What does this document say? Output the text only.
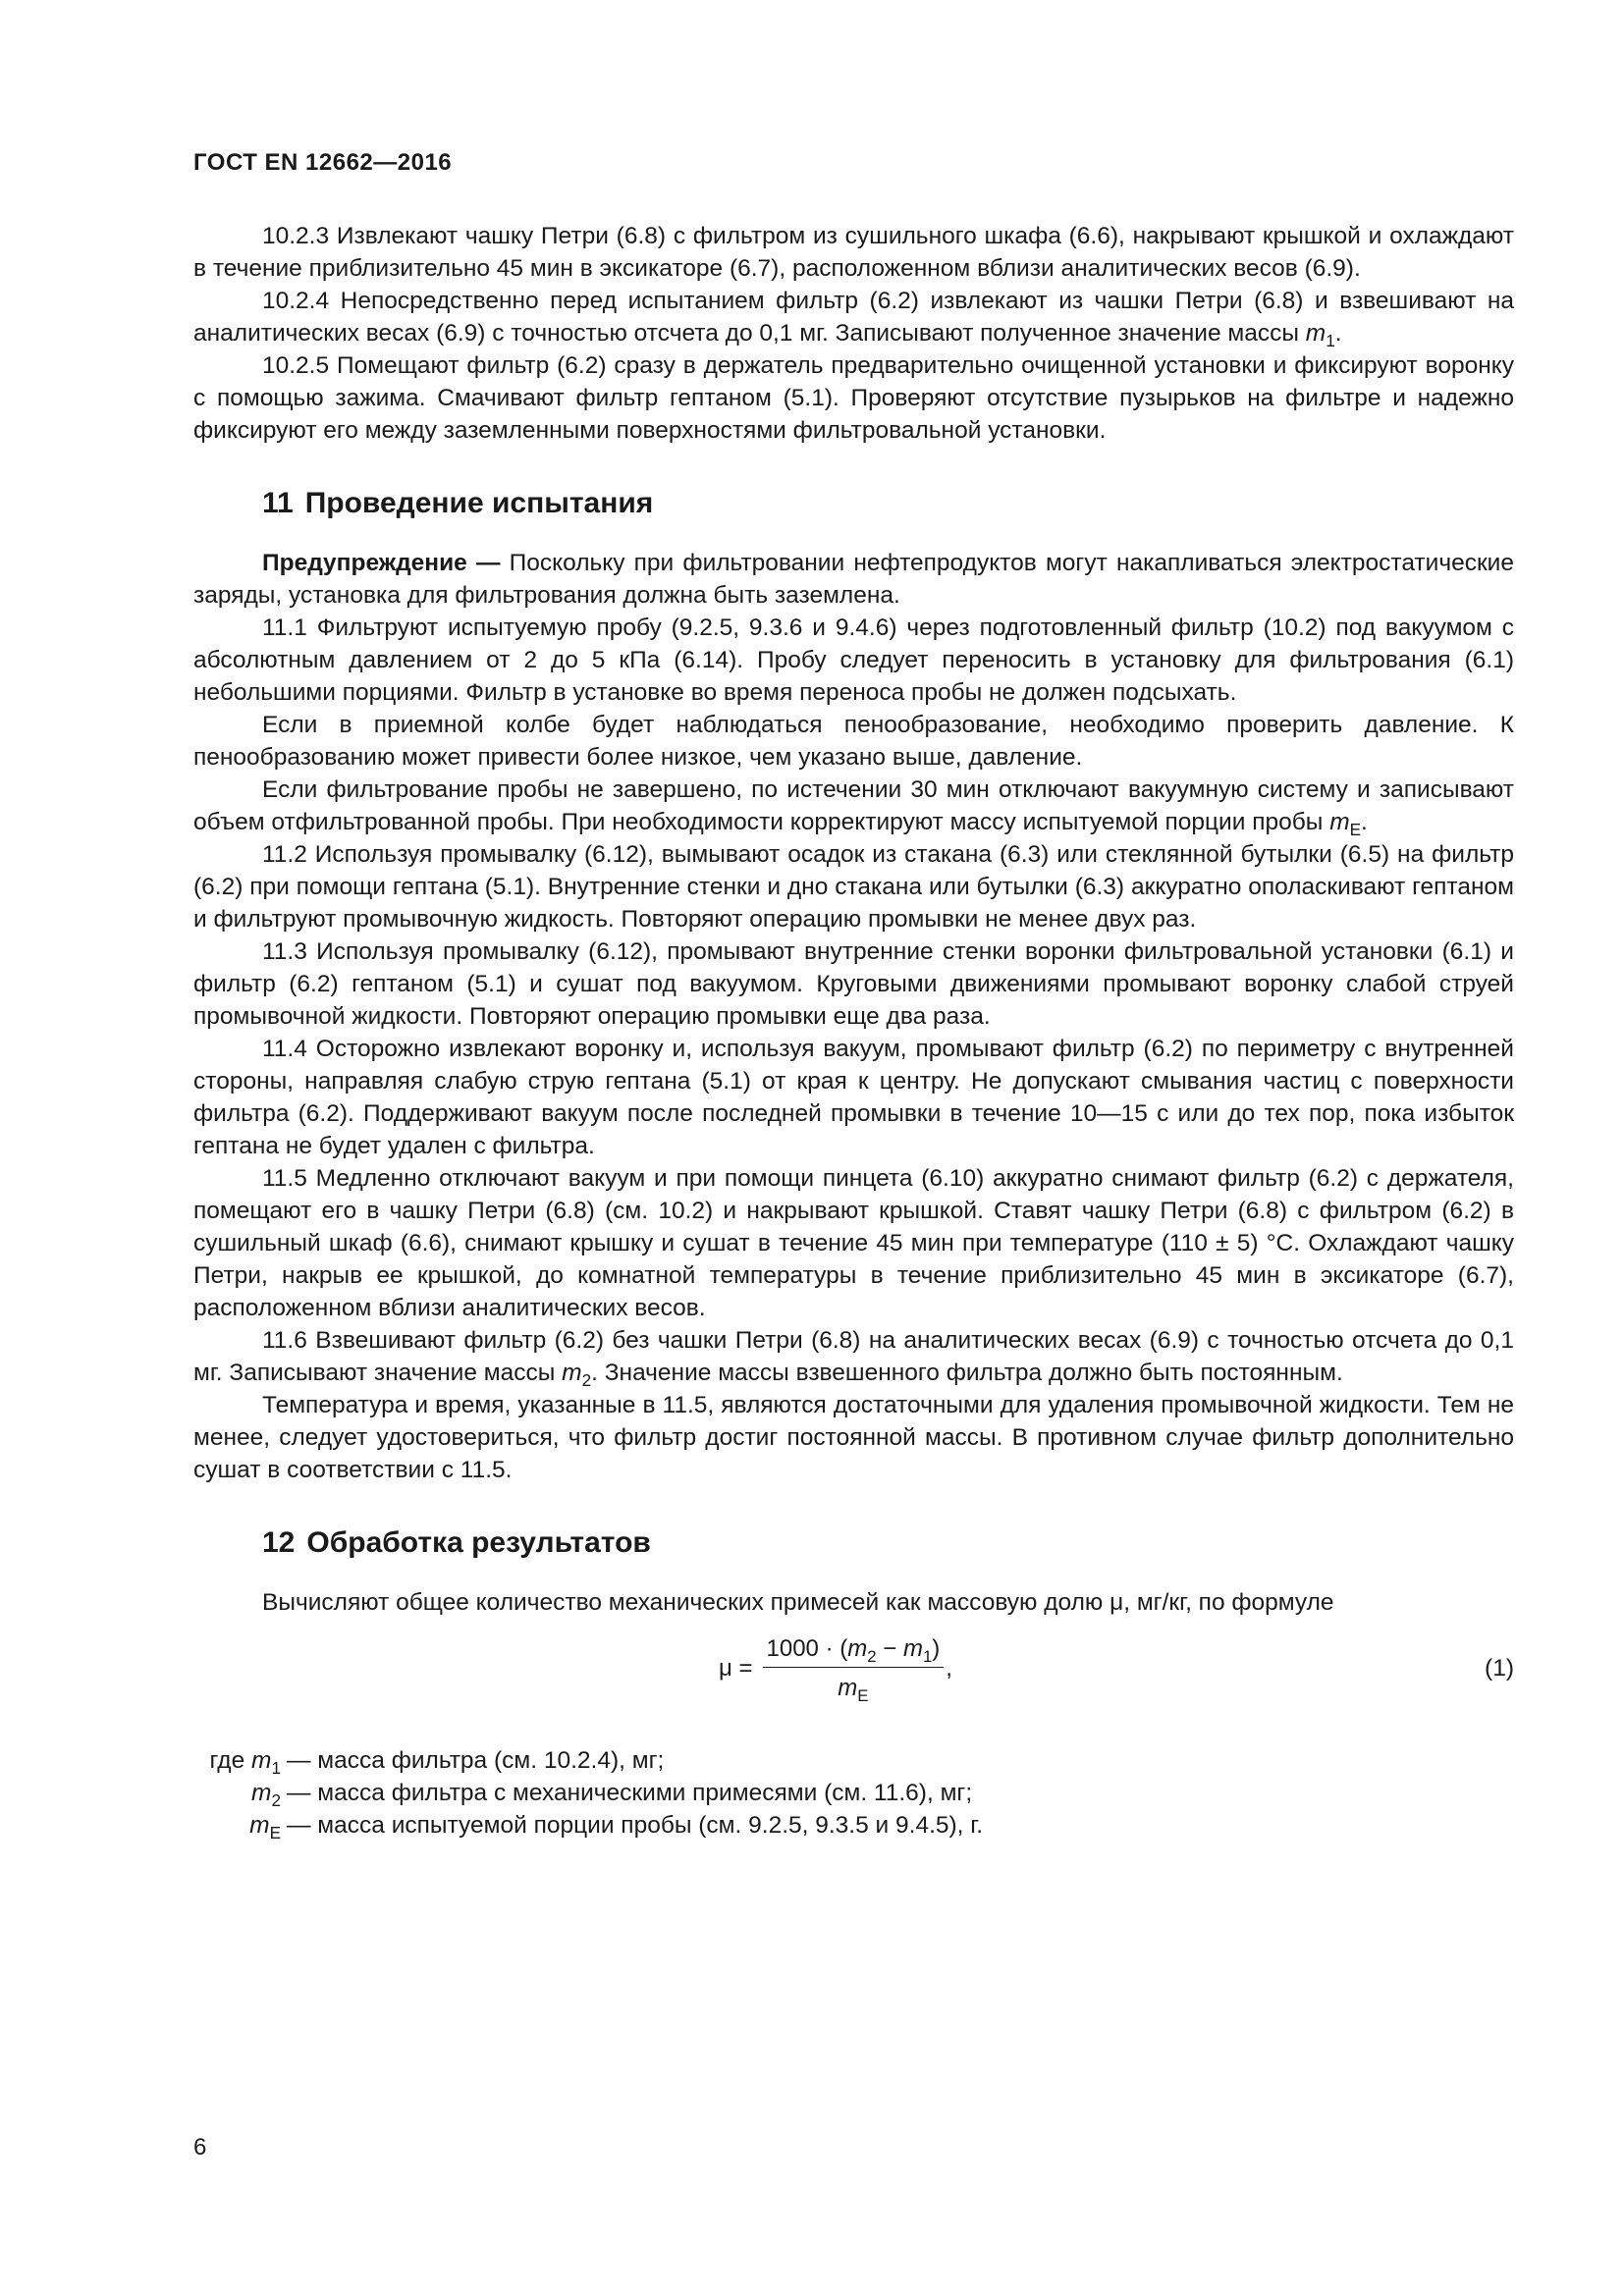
ГОСТ EN 12662—2016

10.2.3 Извлекают чашку Петри (6.8) с фильтром из сушильного шкафа (6.6), накрывают крышкой и охлаждают в течение приблизительно 45 мин в эксикаторе (6.7), расположенном вблизи аналитических весов (6.9).

10.2.4 Непосредственно перед испытанием фильтр (6.2) извлекают из чашки Петри (6.8) и взвешивают на аналитических весах (6.9) с точностью отсчета до 0,1 мг. Записывают полученное значение массы $m_1$.

10.2.5 Помещают фильтр (6.2) сразу в держатель предварительно очищенной установки и фиксируют воронку с помощью зажима. Смачивают фильтр гептаном (5.1). Проверяют отсутствие пузырьков на фильтре и надежно фиксируют его между заземленными поверхностями фильтровальной установки.

11 Проведение испытания

Предупреждение — Поскольку при фильтровании нефтепродуктов могут накапливаться электростатические заряды, установка для фильтрования должна быть заземлена.

11.1 Фильтруют испытуемую пробу (9.2.5, 9.3.6 и 9.4.6) через подготовленный фильтр (10.2) под вакуумом с абсолютным давлением от 2 до 5 кПа (6.14). Пробу следует переносить в установку для фильтрования (6.1) небольшими порциями. Фильтр в установке во время переноса пробы не должен подсыхать.

Если в приемной колбе будет наблюдаться пенообразование, необходимо проверить давление. К пенообразованию может привести более низкое, чем указано выше, давление.

Если фильтрование пробы не завершено, по истечении 30 мин отключают вакуумную систему и записывают объем отфильтрованной пробы. При необходимости корректируют массу испытуемой порции пробы $m_E$.

11.2 Используя промывалку (6.12), вымывают осадок из стакана (6.3) или стеклянной бутылки (6.5) на фильтр (6.2) при помощи гептана (5.1). Внутренние стенки и дно стакана или бутылки (6.3) аккуратно ополаскивают гептаном и фильтруют промывочную жидкость. Повторяют операцию промывки не менее двух раз.

11.3 Используя промывалку (6.12), промывают внутренние стенки воронки фильтровальной установки (6.1) и фильтр (6.2) гептаном (5.1) и сушат под вакуумом. Круговыми движениями промывают воронку слабой струей промывочной жидкости. Повторяют операцию промывки еще два раза.

11.4 Осторожно извлекают воронку и, используя вакуум, промывают фильтр (6.2) по периметру с внутренней стороны, направляя слабую струю гептана (5.1) от края к центру. Не допускают смывания частиц с поверхности фильтра (6.2). Поддерживают вакуум после последней промывки в течение 10—15 с или до тех пор, пока избыток гептана не будет удален с фильтра.

11.5 Медленно отключают вакуум и при помощи пинцета (6.10) аккуратно снимают фильтр (6.2) с держателя, помещают его в чашку Петри (6.8) (см. 10.2) и накрывают крышкой. Ставят чашку Петри (6.8) с фильтром (6.2) в сушильный шкаф (6.6), снимают крышку и сушат в течение 45 мин при температуре (110 ± 5) °С. Охлаждают чашку Петри, накрыв ее крышкой, до комнатной температуры в течение приблизительно 45 мин в эксикаторе (6.7), расположенном вблизи аналитических весов.

11.6 Взвешивают фильтр (6.2) без чашки Петри (6.8) на аналитических весах (6.9) с точностью отсчета до 0,1 мг. Записывают значение массы $m_2$. Значение массы взвешенного фильтра должно быть постоянным.

Температура и время, указанные в 11.5, являются достаточными для удаления промывочной жидкости. Тем не менее, следует удостовериться, что фильтр достиг постоянной массы. В противном случае фильтр дополнительно сушат в соответствии с 11.5.

12 Обработка результатов

Вычисляют общее количество механических примесей как массовую долю μ, мг/кг, по формуле

$\mu = \frac{1000 \cdot (m_2 - m_1)}{m_E}$ ,	(1)
где $m_1$ — масса фильтра (см. 10.2.4), мг;
$m_2$ — масса фильтра с механическими примесями (см. 11.6), мг;
$m_E$ — масса испытуемой порции пробы (см. 9.2.5, 9.3.5 и 9.4.5), г.
6
